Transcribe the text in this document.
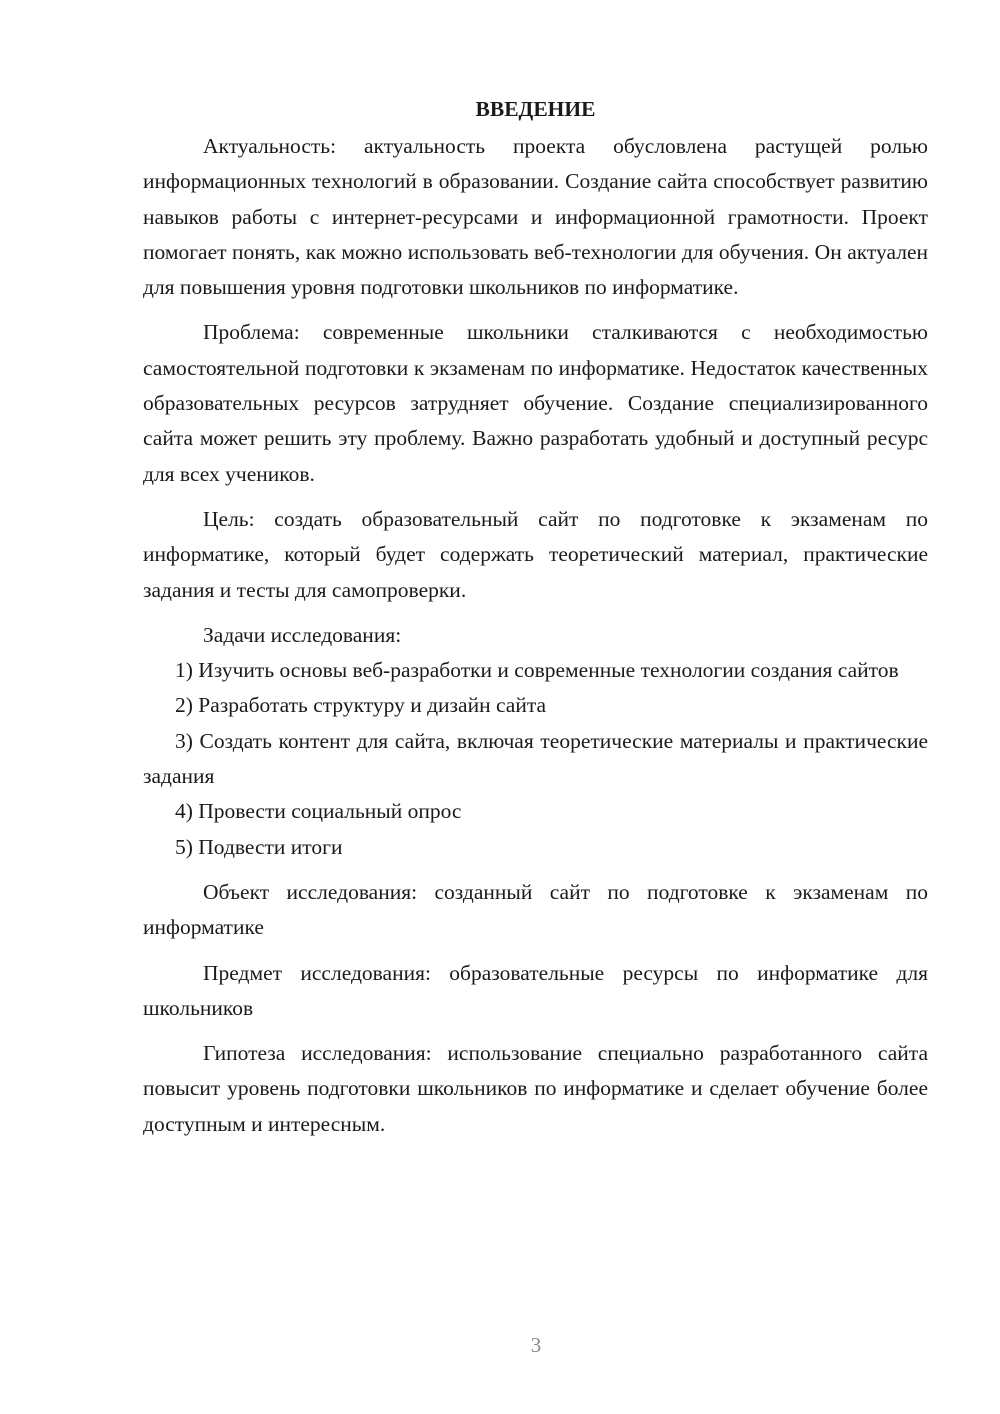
ВВЕДЕНИЕ

Актуальность: актуальность проекта обусловлена растущей ролью информационных технологий в образовании. Создание сайта способствует развитию навыков работы с интернет-ресурсами и информационной грамотности. Проект помогает понять, как можно использовать веб-технологии для обучения. Он актуален для повышения уровня подготовки школьников по информатике.

Проблема: современные школьники сталкиваются с необходимостью самостоятельной подготовки к экзаменам по информатике. Недостаток качественных образовательных ресурсов затрудняет обучение. Создание специализированного сайта может решить эту проблему. Важно разработать удобный и доступный ресурс для всех учеников.

Цель: создать образовательный сайт по подготовке к экзаменам по информатике, который будет содержать теоретический материал, практические задания и тесты для самопроверки.

Задачи исследования:

1) Изучить основы веб-разработки и современные технологии создания сайтов

2) Разработать структуру и дизайн сайта

3) Создать контент для сайта, включая теоретические материалы и практические задания

4) Провести социальный опрос

5) Подвести итоги

Объект исследования: созданный сайт по подготовке к экзаменам по информатике

Предмет исследования: образовательные ресурсы по информатике для школьников

Гипотеза исследования: использование специально разработанного сайта повысит уровень подготовки школьников по информатике и сделает обучение более доступным и интересным.

3
